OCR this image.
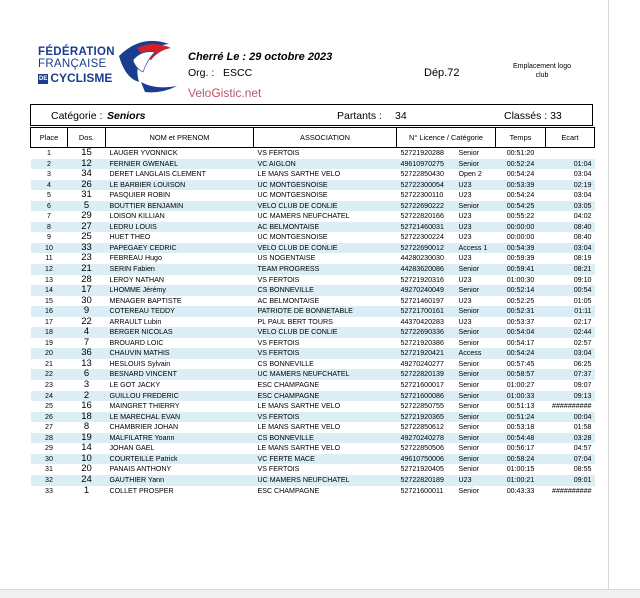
FÉDÉRATION
FRANÇAISE
DE CYCLISME
Cherré Le : 29 octobre 2023
Org. : ESCC
VeloGistic.net
Dép.72
Emplacement logo club
Catégorie : Seniors	Partants : 34	Classés : 33
Place	Dos.	NOM et PRENOM	ASSOCIATION	N° Licence / Catégorie	Temps	Ecart
1	15	LAUGER YVONNICK	VS FERTOIS	52721920288 Senior	00:51:20	
2	12	FERNIER GWENAEL	VC AIGLON	49610970275 Senior	00:52:24	01:04
3	34	DERET LANGLAIS CLEMENT	LE MANS SARTHE VELO	52722850430 Open 2	00:54:24	03:04
4	26	LE BARBIER LOUISON	UC MONTGESNOISE	52722300054 U23	00:53:39	02:19
5	31	PASQUIER ROBIN	UC MONTGESNOISE	52722300110 U23	00:54:24	03:04
6	5	BOUTTIER BENJAMIN	VELO CLUB DE CONLIE	52722690222 Senior	00:54:25	03:05
7	29	LOISON KILLIAN	UC MAMERS NEUFCHATEL	52722820166 U23	00:55:22	04:02
8	27	LEDRU LOUIS	AC BELMONTAISE	52721460031 U23	00:00:00	08:40
9	25	HUET THEO	UC MONTGESNOISE	52722300224 U23	00:00:00	08:40
10	33	PAPEGAEY CEDRIC	VELO CLUB DE CONLIE	52722690012 Access 1	00:54:39	03:04
11	23	FEBREAU Hugo	US NOGENTAISE	44280230030 U23	00:59:39	08:19
12	21	SERIN Fabien	TEAM PROGRESS	44283620086 Senior	00:59:41	08:21
13	28	LEROY NATHAN	VS FERTOIS	52721920316 U23	01:00:30	09:10
14	17	LHOMME Jérémy	CS BONNEVILLE	49270240049 Senior	00:52:14	00:54
15	30	MENAGER BAPTISTE	AC BELMONTAISE	52721460197 U23	00:52:25	01:05
16	9	COTEREAU TEDDY	PATRIOTE DE BONNETABLE	52721700161 Senior	00:52:31	01:11
17	22	ARRAULT Lubin	PL PAUL BERT TOURS	44370420283 U23	00:53:37	02:17
18	4	BERGER NICOLAS	VELO CLUB DE CONLIE	52722690336 Senior	00:54:04	02:44
19	7	BROUARD LOIC	VS FERTOIS	52721920386 Senior	00:54:17	02:57
20	36	CHAUVIN MATHIS	VS FERTOIS	52721920421 Access	00:54:24	03:04
21	13	HESLOUIS Sylvain	CS BONNEVILLE	49270240277 Senior	00:57:45	06:25
22	6	BESNARD VINCENT	UC MAMERS NEUFCHATEL	52722820139 Senior	00:58:57	07:37
23	3	LE GOT JACKY	ESC CHAMPAGNE	52721600017 Senior	01:00:27	09:07
24	2	GUILLOU FREDERIC	ESC CHAMPAGNE	52721600086 Senior	01:00:33	09:13
25	16	MAINGRET THIERRY	LE MANS SARTHE VELO	52722850755 Senior	00:51:13	##########
26	18	LE MARECHAL EVAN	VS FERTOIS	52721920365 Senior	00:51:24	00:04
27	8	CHAMBRIER JOHAN	LE MANS SARTHE VELO	52722850612 Senior	00:53:18	01:58
28	19	MALFILATRE Yoann	CS BONNEVILLE	49270240278 Senior	00:54:48	03:28
29	14	JOHAN GAEL	LE MANS SARTHE VELO	52722850506 Senior	00:56:17	04:57
30	10	COURTEILLE Patrick	VC FERTE MACE	49610750006 Senior	00:58:24	07:04
31	20	PANAIS ANTHONY	VS FERTOIS	52721920405 Senior	01:00:15	08:55
32	24	GAUTHIER Yann	UC MAMERS NEUFCHATEL	52722820189 U23	01:00:21	09:01
33	1	COLLET PROSPER	ESC CHAMPAGNE	52721600011 Senior	00:43:33	##########
